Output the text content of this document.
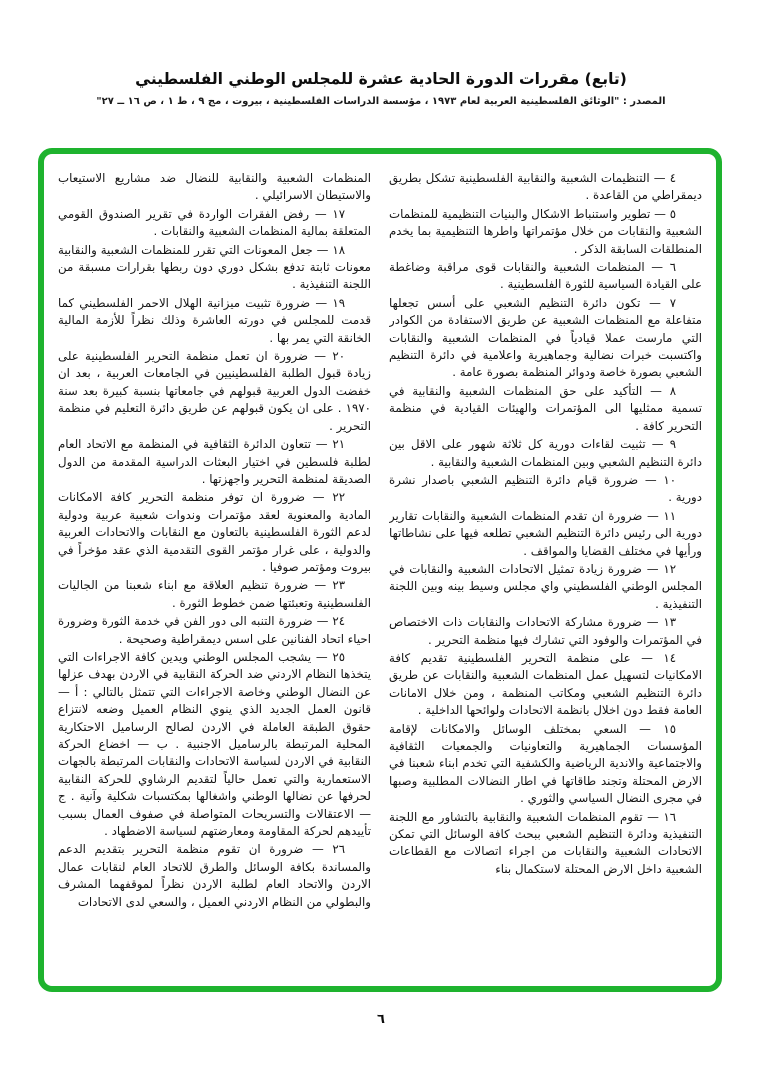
(تابع) مقررات الدورة الحادية عشرة للمجلس الوطني الفلسطيني

المصدر : "الوثائق الفلسطينية العربية لعام ١٩٧٣ ، مؤسسة الدراسات الفلسطينية ، بيروت ، مج ٩ ، ط ١ ، ص ١٦ ــ ٢٧"

٤ — التنظيمات الشعبية والنقابية الفلسطينية تشكل بطريق ديمقراطي من القاعدة .

٥ — تطوير واستنباط الاشكال والبنيات التنظيمية للمنظمات الشعبية والنقابات من خلال مؤتمراتها واطرها التنظيمية بما يخدم المنطلقات السابقة الذكر .

٦ — المنظمات الشعبية والنقابات قوى مراقبة وضاغطة على القيادة السياسية للثورة الفلسطينية .

٧ — تكون دائرة التنظيم الشعبي على أسس تجعلها متفاعلة مع المنظمات الشعبية عن طريق الاستفادة من الكوادر التي مارست عملا قيادياً في المنظمات الشعبية والنقابات واكتسبت خبرات نضالية وجماهيرية واعلامية في دائرة التنظيم الشعبي بصورة خاصة ودوائر المنظمة بصورة عامة .

٨ — التأكيد على حق المنظمات الشعبية والنقابية في تسمية ممثليها الى المؤتمرات والهيئات القيادية في منظمة التحرير كافة .

٩ — تثبيت لقاءات دورية كل ثلاثة شهور على الاقل بين دائرة التنظيم الشعبي وبين المنظمات الشعبية والنقابية .

١٠ — ضرورة قيام دائرة التنظيم الشعبي باصدار نشرة دورية .

١١ — ضرورة ان تقدم المنظمات الشعبية والنقابات تقارير دورية الى رئيس دائرة التنظيم الشعبي تطلعه فيها على نشاطاتها ورأيها في مختلف القضايا والمواقف .

١٢ — ضرورة زيادة تمثيل الاتحادات الشعبية والنقابات في المجلس الوطني الفلسطيني واي مجلس وسيط بينه وبين اللجنة التنفيذية .

١٣ — ضرورة مشاركة الاتحادات والنقابات ذات الاختصاص في المؤتمرات والوفود التي تشارك فيها منظمة التحرير .

١٤ — على منظمة التحرير الفلسطينية تقديم كافة الامكانيات لتسهيل عمل المنظمات الشعبية والنقابات عن طريق دائرة التنظيم الشعبي ومكاتب المنظمة ، ومن خلال الامانات العامة فقط دون اخلال بانظمة الاتحادات ولوائحها الداخلية .

١٥ — السعي بمختلف الوسائل والامكانات لإقامة المؤسسات الجماهيرية والتعاونيات والجمعيات الثقافية والاجتماعية والاندية الرياضية والكشفية التي تخدم ابناء شعبنا في الارض المحتلة وتجند طاقاتها في اطار النضالات المطلبية وصبها في مجرى النضال السياسي والثوري .

١٦ — تقوم المنظمات الشعبية والنقابية بالتشاور مع اللجنة التنفيذية ودائرة التنظيم الشعبي ببحث كافة الوسائل التي تمكن الاتحادات الشعبية والنقابات من اجراء اتصالات مع القطاعات الشعبية داخل الارض المحتلة لاستكمال بناء

المنظمات الشعبية والنقابية للنضال ضد مشاريع الاستيعاب والاستيطان الاسرائيلي .

١٧ — رفض الفقرات الواردة في تقرير الصندوق القومي المتعلقة بمالية المنظمات الشعبية والنقابات .

١٨ — جعل المعونات التي تقرر للمنظمات الشعبية والنقابية معونات ثابتة تدفع بشكل دوري دون ربطها بقرارات مسبقة من اللجنة التنفيذية .

١٩ — ضرورة تثبيت ميزانية الهلال الاحمر الفلسطيني كما قدمت للمجلس في دورته العاشرة وذلك نظراً للأزمة المالية الخانقة التي يمر بها .

٢٠ — ضرورة ان تعمل منظمة التحرير الفلسطينية على زيادة قبول الطلبة الفلسطينيين في الجامعات العربية ، بعد ان خفضت الدول العربية قبولهم في جامعاتها بنسبة كبيرة بعد سنة ١٩٧٠ . على ان يكون قبولهم عن طريق دائرة التعليم في منظمة التحرير .

٢١ — تتعاون الدائرة الثقافية في المنظمة مع الاتحاد العام لطلبة فلسطين في اختيار البعثات الدراسية المقدمة من الدول الصديقة لمنظمة التحرير واجهزتها .

٢٢ — ضرورة ان توفر منظمة التحرير كافة الامكانات المادية والمعنوية لعقد مؤتمرات وندوات شعبية عربية ودولية لدعم الثورة الفلسطينية بالتعاون مع النقابات والاتحادات العربية والدولية ، على غرار مؤتمر القوى التقدمية الذي عقد مؤخراً في بيروت ومؤتمر صوفيا .

٢٣ — ضرورة تنظيم العلاقة مع ابناء شعبنا من الجاليات الفلسطينية وتعبئتها ضمن خطوط الثورة .

٢٤ — ضرورة التنبه الى دور الفن في خدمة الثورة وضرورة احياء اتحاد الفنانين على اسس ديمقراطية وصحيحة .

٢٥ — يشجب المجلس الوطني ويدين كافة الاجراءات التي يتخذها النظام الاردني ضد الحركة النقابية في الاردن بهدف عزلها عن النضال الوطني وخاصة الاجراءات التي تتمثل بالتالي : أ — قانون العمل الجديد الذي ينوي النظام العميل وضعه لانتزاع حقوق الطبقة العاملة في الاردن لصالح الرساميل الاحتكارية المحلية المرتبطة بالرساميل الاجنبية . ب — اخضاع الحركة النقابية في الاردن لسياسة الاتحادات والنقابات المرتبطة بالجهات الاستعمارية والتي تعمل حالياً لتقديم الرشاوي للحركة النقابية لحرفها عن نضالها الوطني واشغالها بمكتسبات شكلية وآنية . ج — الاعتقالات والتسريحات المتواصلة في صفوف العمال بسبب تأييدهم لحركة المقاومة ومعارضتهم لسياسة الاضطهاد .

٢٦ — ضرورة ان تقوم منظمة التحرير بتقديم الدعم والمساندة بكافة الوسائل والطرق للاتحاد العام لنقابات عمال الاردن والاتحاد العام لطلبة الاردن نظراً لموقفهما المشرف والبطولي من النظام الاردني العميل ، والسعي لدى الاتحادات

٦
